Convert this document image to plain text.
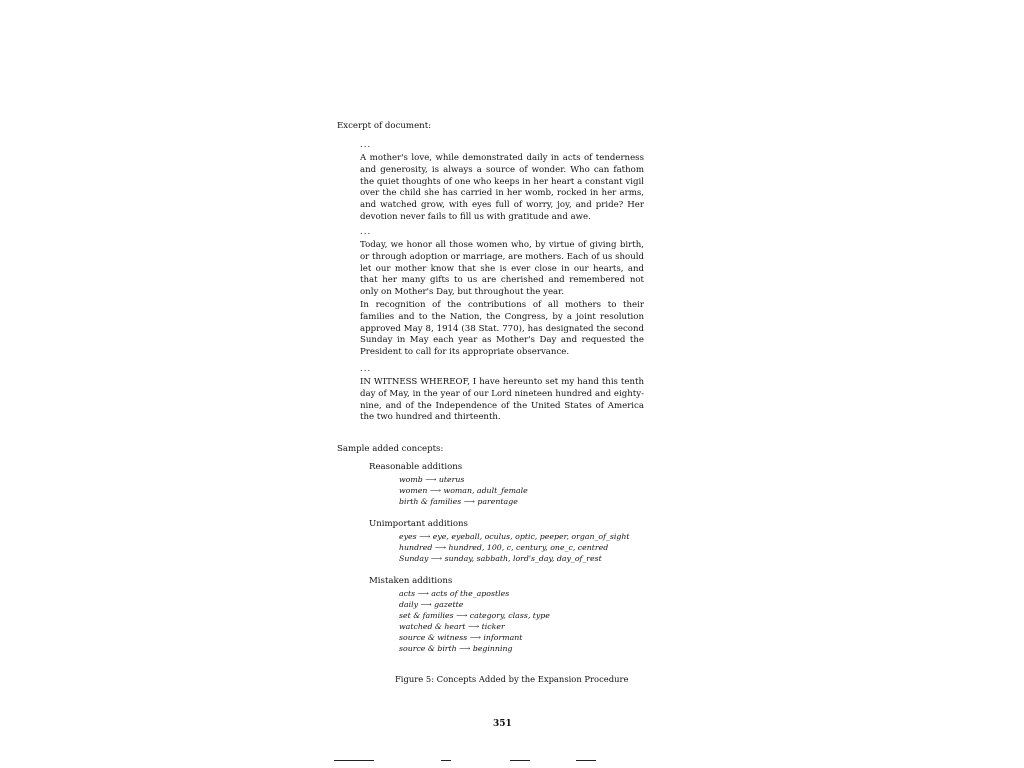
Excerpt of document:
...

A mother's love, while demonstrated daily in acts of tenderness and generosity, is always a source of wonder. Who can fathom the quiet thoughts of one who keeps in her heart a constant vigil over the child she has carried in her womb, rocked in her arms, and watched grow, with eyes full of worry, joy, and pride? Her devotion never fails to fill us with gratitude and awe.

...

Today, we honor all those women who, by virtue of giving birth, or through adoption or marriage, are mothers. Each of us should let our mother know that she is ever close in our hearts, and that her many gifts to us are cherished and remembered not only on Mother's Day, but throughout the year.

In recognition of the contributions of all mothers to their families and to the Nation, the Congress, by a joint resolution approved May 8, 1914 (38 Stat. 770), has designated the second Sunday in May each year as Mother's Day and requested the President to call for its appropriate observance.

...

IN WITNESS WHEREOF, I have hereunto set my hand this tenth day of May, in the year of our Lord nineteen hundred and eighty-nine, and of the Independence of the United States of America the two hundred and thirteenth.

Sample added concepts:
Reasonable additions
womb ⟶ uterus
women ⟶ woman, adult_female
birth & families ⟶ parentage
Unimportant additions
eyes ⟶ eye, eyeball, oculus, optic, peeper, organ_of_sight
hundred ⟶ hundred, 100, c, century, one_c, centred
Sunday ⟶ sunday, sabbath, lord's_day, day_of_rest
Mistaken additions
acts ⟶ acts of the_apostles
daily ⟶ gazette
set & families ⟶ category, class, type
watched & heart ⟶ ticker
source & witness ⟶ informant
source & birth ⟶ beginning
Figure 5: Concepts Added by the Expansion Procedure
351
